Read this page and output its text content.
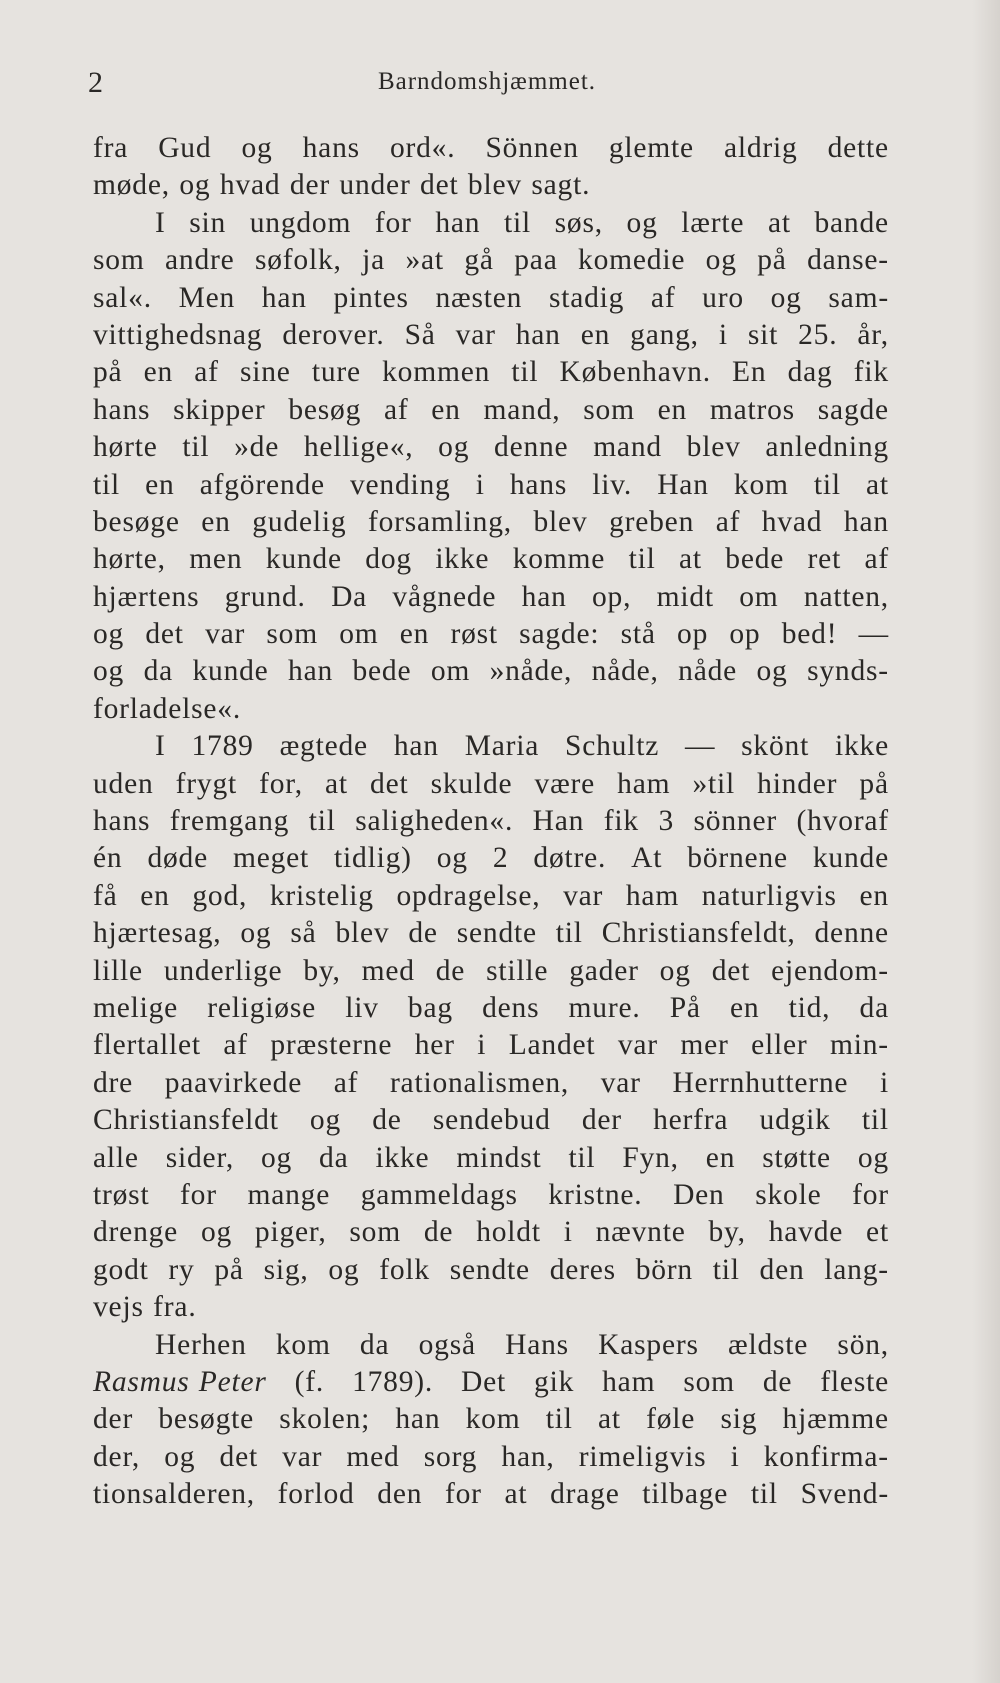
2	Barndomshjæmmet.
fra Gud og hans ord«. Sönnen glemte aldrig dette
møde, og hvad der under det blev sagt.
I sin ungdom for han til søs, og lærte at bande
som andre søfolk, ja »at gå paa komedie og på danse-
sal«. Men han pintes næsten stadig af uro og sam-
vittighedsnag derover. Så var han en gang, i sit 25. år,
på en af sine ture kommen til København. En dag fik
hans skipper besøg af en mand, som en matros sagde
hørte til »de hellige«, og denne mand blev anledning
til en afgörende vending i hans liv. Han kom til at
besøge en gudelig forsamling, blev greben af hvad han
hørte, men kunde dog ikke komme til at bede ret af
hjærtens grund. Da vågnede han op, midt om natten,
og det var som om en røst sagde: stå op op bed! —
og da kunde han bede om »nåde, nåde, nåde og synds-
forladelse«.
I 1789 ægtede han Maria Schultz — skönt ikke
uden frygt for, at det skulde være ham »til hinder på
hans fremgang til saligheden«. Han fik 3 sönner (hvoraf
én døde meget tidlig) og 2 døtre. At börnene kunde
få en god, kristelig opdragelse, var ham naturligvis en
hjærtesag, og så blev de sendte til Christiansfeldt, denne
lille underlige by, med de stille gader og det ejendom-
melige religiøse liv bag dens mure. På en tid, da
flertallet af præsterne her i Landet var mer eller min-
dre paavirkede af rationalismen, var Herrnhutterne i
Christiansfeldt og de sendebud der herfra udgik til
alle sider, og da ikke mindst til Fyn, en støtte og
trøst for mange gammeldags kristne. Den skole for
drenge og piger, som de holdt i nævnte by, havde et
godt ry på sig, og folk sendte deres börn til den lang-
vejs fra.
Herhen kom da også Hans Kaspers ældste sön,
Rasmus Peter (f. 1789). Det gik ham som de fleste
der besøgte skolen; han kom til at føle sig hjæmme
der, og det var med sorg han, rimeligvis i konfirma-
tionsalderen, forlod den for at drage tilbage til Svend-
